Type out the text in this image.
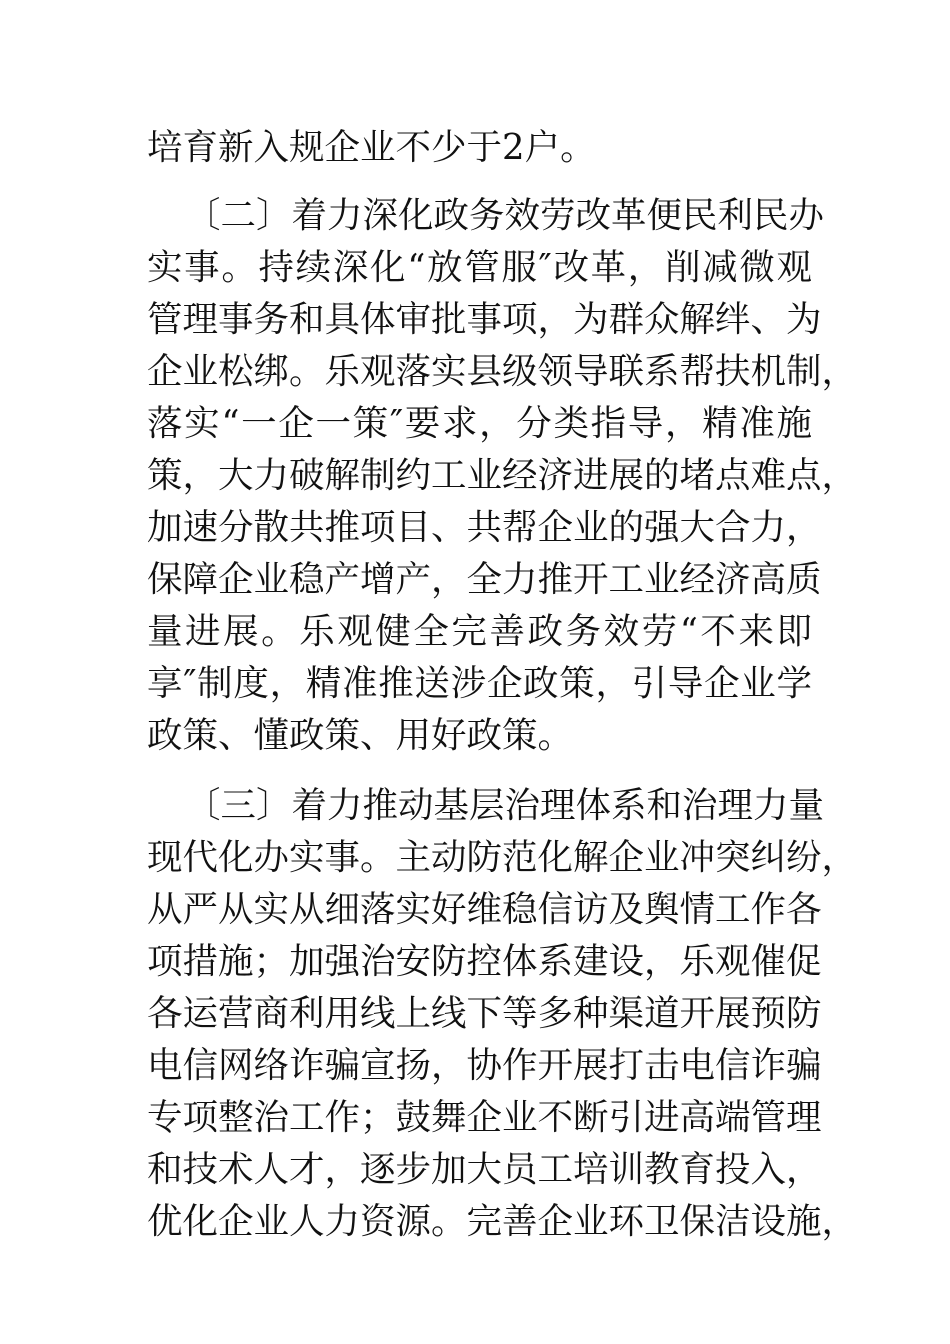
培育新入规企业不少于2户。
〔二〕着力深化政务效劳改革便民利民办
实事。持续深化“放管服″改革，削减微观
管理事务和具体审批事项，为群众解绊、为
企业松绑。乐观落实县级领导联系帮扶机制，
落实“一企一策″要求，分类指导，精准施
策，大力破解制约工业经济进展的堵点难点，
加速分散共推项目、共帮企业的强大合力，
保障企业稳产增产，全力推开工业经济高质
量进展。乐观健全完善政务效劳“不来即
享″制度，精准推送涉企政策，引导企业学
政策、懂政策、用好政策。
〔三〕着力推动基层治理体系和治理力量
现代化办实事。主动防范化解企业冲突纠纷，
从严从实从细落实好维稳信访及舆情工作各
项措施；加强治安防控体系建设，乐观催促
各运营商利用线上线下等多种渠道开展预防
电信网络诈骗宣扬，协作开展打击电信诈骗
专项整治工作；鼓舞企业不断引进高端管理
和技术人才，逐步加大员工培训教育投入，
优化企业人力资源。完善企业环卫保洁设施，
